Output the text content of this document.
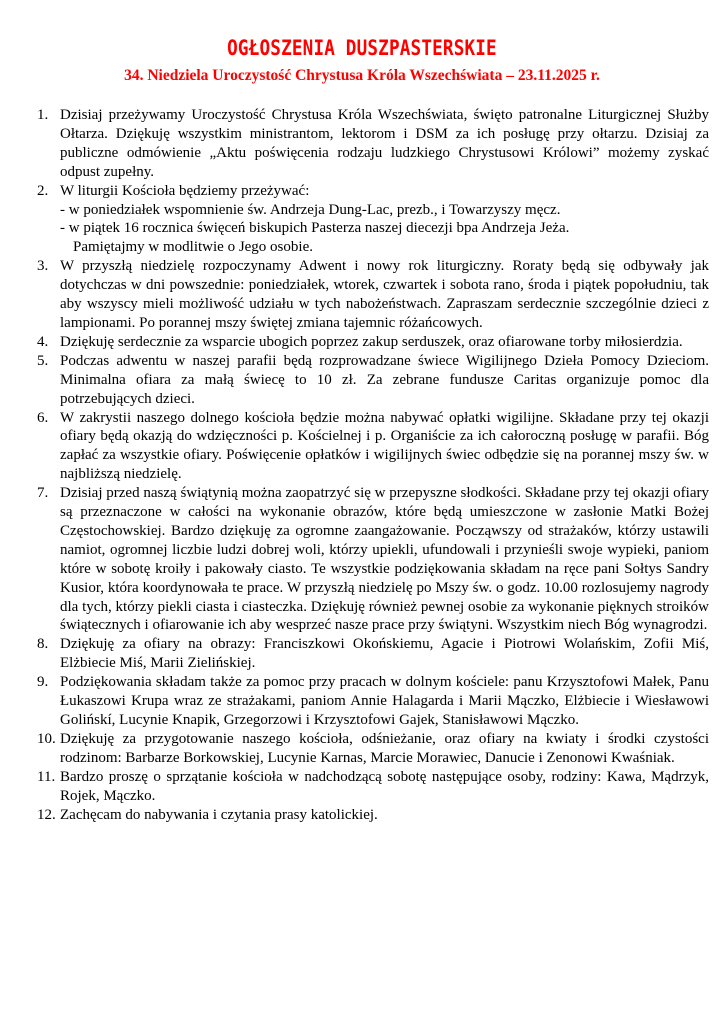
OGŁOSZENIA DUSZPASTERSKIE
34. Niedziela Uroczystość Chrystusa Króla Wszechświata – 23.11.2025 r.
1. Dzisiaj przeżywamy Uroczystość Chrystusa Króla Wszechświata, święto patronalne Liturgicznej Służby Ołtarza. Dziękuję wszystkim ministrantom, lektorom i DSM za ich posługę przy ołtarzu. Dzisiaj za publiczne odmówienie „Aktu poświęcenia rodzaju ludzkiego Chrystusowi Królowi” możemy zyskać odpust zupełny.
2. W liturgii Kościoła będziemy przeżywać:
- w poniedziałek wspomnienie św. Andrzeja Dung-Lac, prezb., i Towarzyszy męcz.
- w piątek 16 rocznica święceń biskupich Pasterza naszej diecezji bpa Andrzeja Jeża.
Pamiętajmy w modlitwie o Jego osobie.
3. W przyszłą niedzielę rozpoczynamy Adwent i nowy rok liturgiczny. Roraty będą się odbywały jak dotychczas w dni powszednie: poniedziałek, wtorek, czwartek i sobota rano, środa i piątek popołudniu, tak aby wszyscy mieli możliwość udziału w tych nabożeństwach. Zapraszam serdecznie szczególnie dzieci z lampionami. Po porannej mszy świętej zmiana tajemnic różańcowych.
4. Dziękuję serdecznie za wsparcie ubogich poprzez zakup serduszek, oraz ofiarowane torby miłosierdzia.
5. Podczas adwentu w naszej parafii będą rozprowadzane świece Wigilijnego Dzieła Pomocy Dzieciom. Minimalna ofiara za małą świecę to 10 zł. Za zebrane fundusze Caritas organizuje pomoc dla potrzebujących dzieci.
6. W zakrystii naszego dolnego kościoła będzie można nabywać opłatki wigilijne. Składane przy tej okazji ofiary będą okazją do wdzięczności p. Kościelnej i p. Organiście za ich całoroczną posługę w parafii. Bóg zapłać za wszystkie ofiary. Poświęcenie opłatków i wigilijnych świec odbędzie się na porannej mszy św. w najbliższą niedzielę.
7. Dzisiaj przed naszą świątynią można zaopatrzyć się w przepyszne słodkości. Składane przy tej okazji ofiary są przeznaczone w całości na wykonanie obrazów, które będą umieszczone w zasłonie Matki Bożej Częstochowskiej. Bardzo dziękuję za ogromne zaangażowanie. Począwszy od strażaków, którzy ustawili namiot, ogromnej liczbie ludzi dobrej woli, którzy upiekli, ufundowali i przynieśli swoje wypieki, paniom które w sobotę kroiły i pakowały ciasto. Te wszystkie podziękowania składam na ręce pani Sołtys Sandry Kusior, która koordynowała te prace. W przyszłą niedzielę po Mszy św. o godz. 10.00 rozlosujemy nagrody dla tych, którzy piekli ciasta i ciasteczka. Dziękuję również pewnej osobie za wykonanie pięknych stroików świątecznych i ofiarowanie ich aby wesprzeć nasze prace przy świątyni. Wszystkim niech Bóg wynagrodzi.
8. Dziękuję za ofiary na obrazy: Franciszkowi Okońskiemu, Agacie i Piotrowi Wolańskim, Zofii Miś, Elżbiecie Miś, Marii Zielińskiej.
9. Podziękowania składam także za pomoc przy pracach w dolnym kościele: panu Krzysztofowi Małek, Panu Łukaszowi Krupa wraz ze strażakami, paniom Annie Halagarda i Marii Mączko, Elżbiecie i Wiesławowi Golińskí, Lucynie Knapik, Grzegorzowi i Krzysztofowi Gajek, Stanisławowi Mączko.
10. Dziękuję za przygotowanie naszego kościoła, odśnieżanie, oraz ofiary na kwiaty i środki czystości rodzinom: Barbarze Borkowskiej, Lucynie Karnas, Marcie Morawiec, Danucie i Zenonowi Kwaśniak.
11. Bardzo proszę o sprzątanie kościoła w nadchodzącą sobotę następujące osoby, rodziny: Kawa, Mądrzyk, Rojek, Mączko.
12. Zachęcam do nabywania i czytania prasy katolickiej.
